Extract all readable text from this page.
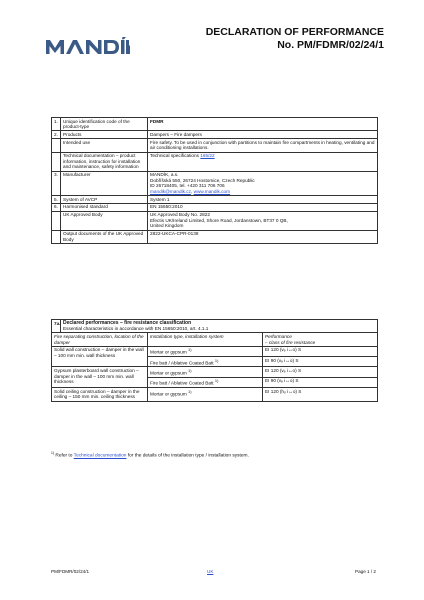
DECLARATION OF PERFORMANCE
No. PM/FDMR/02/24/1
1.	Unique identification code of the product-type	FDMR
2.	Products	Dampers – Fire dampers
	Intended use	Fire safety. To be used in conjunction with partitions to maintain fire compartments in heating, ventilating and air conditioning installations.
	Technical documentation – product information, instruction for installation and maintenance, safety information	Technical specifications 165/22
3.	Manufacturer	MANDÍK, a.s.
Dobříšská 550, 26724 Hostomice, Czech Republic
ID 26718405, tel. +420 311 706 706
mandik@mandik.cz, www.mandik.com

5.	System of AVCP	System 1
6.	Harmonised standard	EN 15650:2010
	UK Approved Body	UK Approved Body No. 2822
Efectis UK/Ireland Limited, Shore Road, Jordanstown, BT37 0 QB,
United Kingdom

	Output documents of the UK Approved Body	2822-UKCA-CPR-0138
7a.	Declared performances – fire resistance classification
Essential characteristics in accordance with EN 15650:2010, art. 4.1.1		

Fire separating construction, location of the damper		Installation type, installation system	Performance
– class of fire resistance

Solid wall construction – damper in the wall – 100 mm min. wall thickness		Mortar or gypsum $^{1)}$	EI 120 (vₑ i↔o) S
		Fire batt / Ablative Coated Batt $^{1)}$	EI 90 (vₑ i↔o) S
Gypsum plasterboard wall construction – damper in the wall – 100 mm min. wall thickness		Mortar or gypsum $^{1)}$	EI 120 (vₑ i↔o) S
		Fire batt / Ablative Coated Batt $^{1)}$	EI 90 (vₑ i↔o) S
Solid ceiling construction – damper in the ceiling – 150 mm min. ceiling thickness		Mortar or gypsum $^{1)}$	EI 120 (hₒ i↔o) S
$^{1)}$ Refer to Technical documentation for the details of the installation type / installation system.
PM/FDMR/02/24/1	UK	Page 1 / 2
